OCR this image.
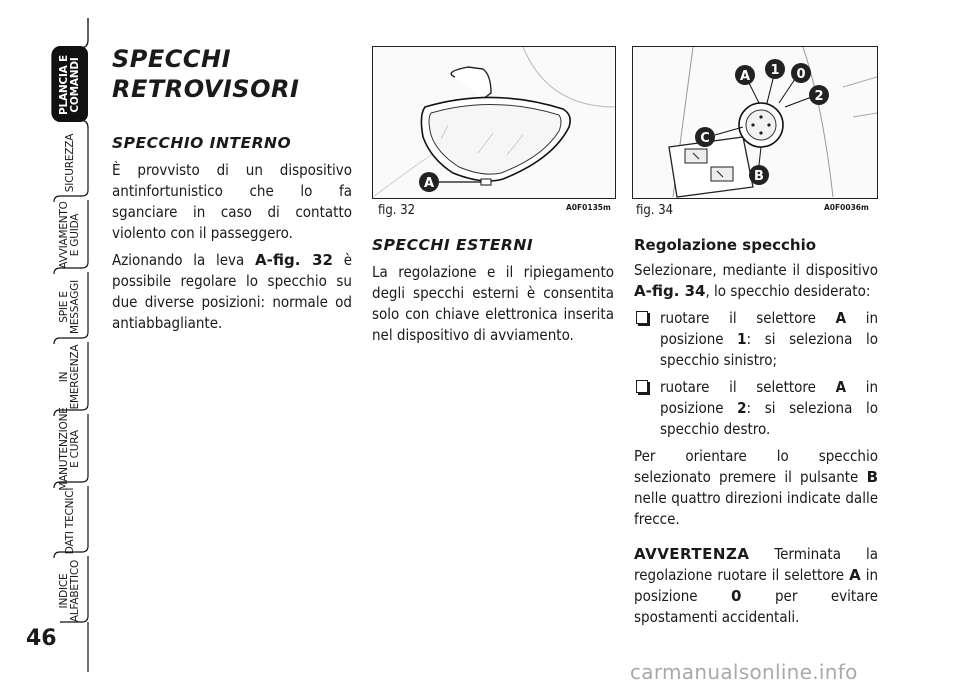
PLANCIA E COMANDI
SICUREZZA
AVVIAMENTO E GUIDA
SPIE E MESSAGGI
IN EMERGENZA
MANUTENZIONE E CURA
DATI TECNICI
INDICE ALFABETICO
46
SPECCHI
RETROVISORI
SPECCHIO INTERNO

È provvisto di un dispositivo antinfortunistico che lo fa sganciare in caso di contatto violento con il passeggero.

Azionando la leva A-fig. 32 è possibile regolare lo specchio su due diverse posizioni: normale od antiabbagliante.

A
fig. 32	A0F0135m
A 1 0
2
C
B
fig. 34	A0F0036m
SPECCHI ESTERNI

La regolazione e il ripiegamento degli specchi esterni è consentita solo con chiave elettronica inserita nel dispositivo di avviamento.

Regolazione specchio

Selezionare, mediante il dispositivo A-fig. 34, lo specchio desiderato:

ruotare il selettore A in posizione 1: si seleziona lo specchio sinistro;
ruotare il selettore A in posizione 2: si seleziona lo specchio destro.

Per orientare lo specchio selezionato premere il pulsante B nelle quattro direzioni indicate dalle frecce.

AVVERTENZA Terminata la regolazione ruotare il selettore A in posizione 0 per evitare spostamenti accidentali.

carmanualsonline.info
